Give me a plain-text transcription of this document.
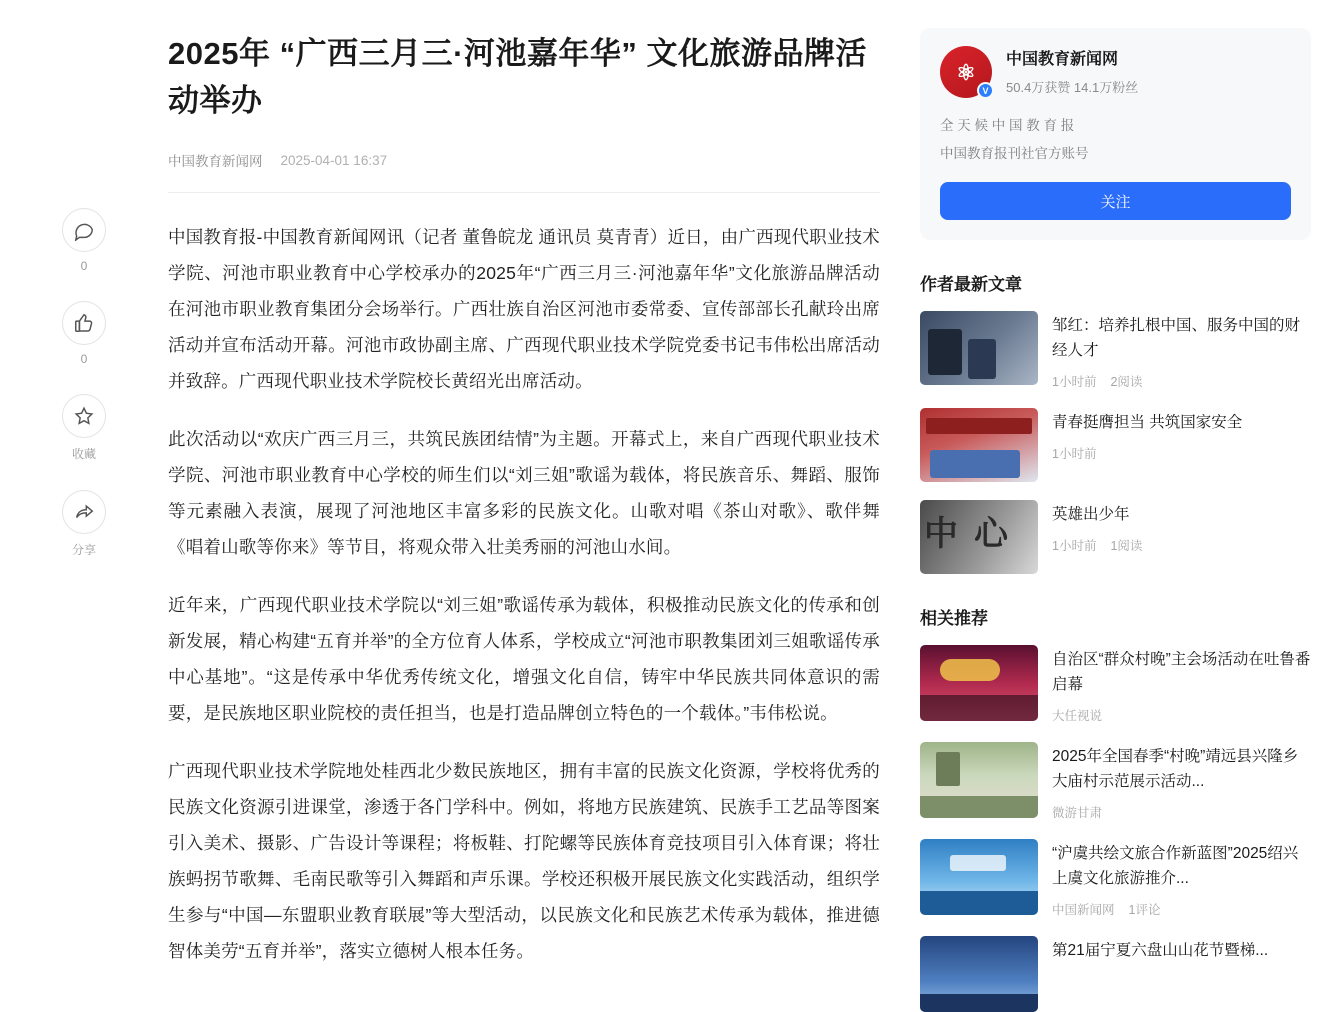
0
0
收藏
分享
2025年 “广西三月三·河池嘉年华” 文化旅游品牌活动举办
中国教育新闻网 2025-04-01 16:37

中国教育报-中国教育新闻网讯（记者 董鲁皖龙 通讯员 莫青青）近日，由广西现代职业技术学院、河池市职业教育中心学校承办的2025年“广西三月三·河池嘉年华”文化旅游品牌活动在河池市职业教育集团分会场举行。广西壮族自治区河池市委常委、宣传部部长孔献玲出席活动并宣布活动开幕。河池市政协副主席、广西现代职业技术学院党委书记韦伟松出席活动并致辞。广西现代职业技术学院校长黄绍光出席活动。

此次活动以“欢庆广西三月三，共筑民族团结情”为主题。开幕式上，来自广西现代职业技术学院、河池市职业教育中心学校的师生们以“刘三姐”歌谣为载体，将民族音乐、舞蹈、服饰等元素融入表演，展现了河池地区丰富多彩的民族文化。山歌对唱《茶山对歌》、歌伴舞《唱着山歌等你来》等节目，将观众带入壮美秀丽的河池山水间。

近年来，广西现代职业技术学院以“刘三姐”歌谣传承为载体，积极推动民族文化的传承和创新发展，精心构建“五育并举”的全方位育人体系，学校成立“河池市职教集团刘三姐歌谣传承中心基地”。“这是传承中华优秀传统文化，增强文化自信，铸牢中华民族共同体意识的需要，是民族地区职业院校的责任担当，也是打造品牌创立特色的一个载体。”韦伟松说。

广西现代职业技术学院地处桂西北少数民族地区，拥有丰富的民族文化资源，学校将优秀的民族文化资源引进课堂，渗透于各门学科中。例如，将地方民族建筑、民族手工艺品等图案引入美术、摄影、广告设计等课程；将板鞋、打陀螺等民族体育竞技项目引入体育课；将壮族蚂拐节歌舞、毛南民歌等引入舞蹈和声乐课。学校还积极开展民族文化实践活动，组织学生参与“中国—东盟职业教育联展”等大型活动，以民族文化和民族艺术传承为载体，推进德智体美劳“五育并举”，落实立德树人根本任务。

⚛
V
中国教育新闻网
50.4万获赞 14.1万粉丝
全 天 候 中 国 教 育 报
中国教育报刊社官方账号
关注
作者最新文章
邹红：培养扎根中国、服务中国的财经人才
1小时前 2阅读
青春挺膺担当 共筑国家安全
1小时前
中 心
英雄出少年
1小时前 1阅读
相关推荐
自治区“群众村晚”主会场活动在吐鲁番启幕
大任视说
2025年全国春季“村晚”靖远县兴隆乡大庙村示范展示活动...
微游甘肃
“沪虞共绘文旅合作新蓝图”2025绍兴上虞文化旅游推介...
中国新闻网 1评论
第21届宁夏六盘山山花节暨梯...
